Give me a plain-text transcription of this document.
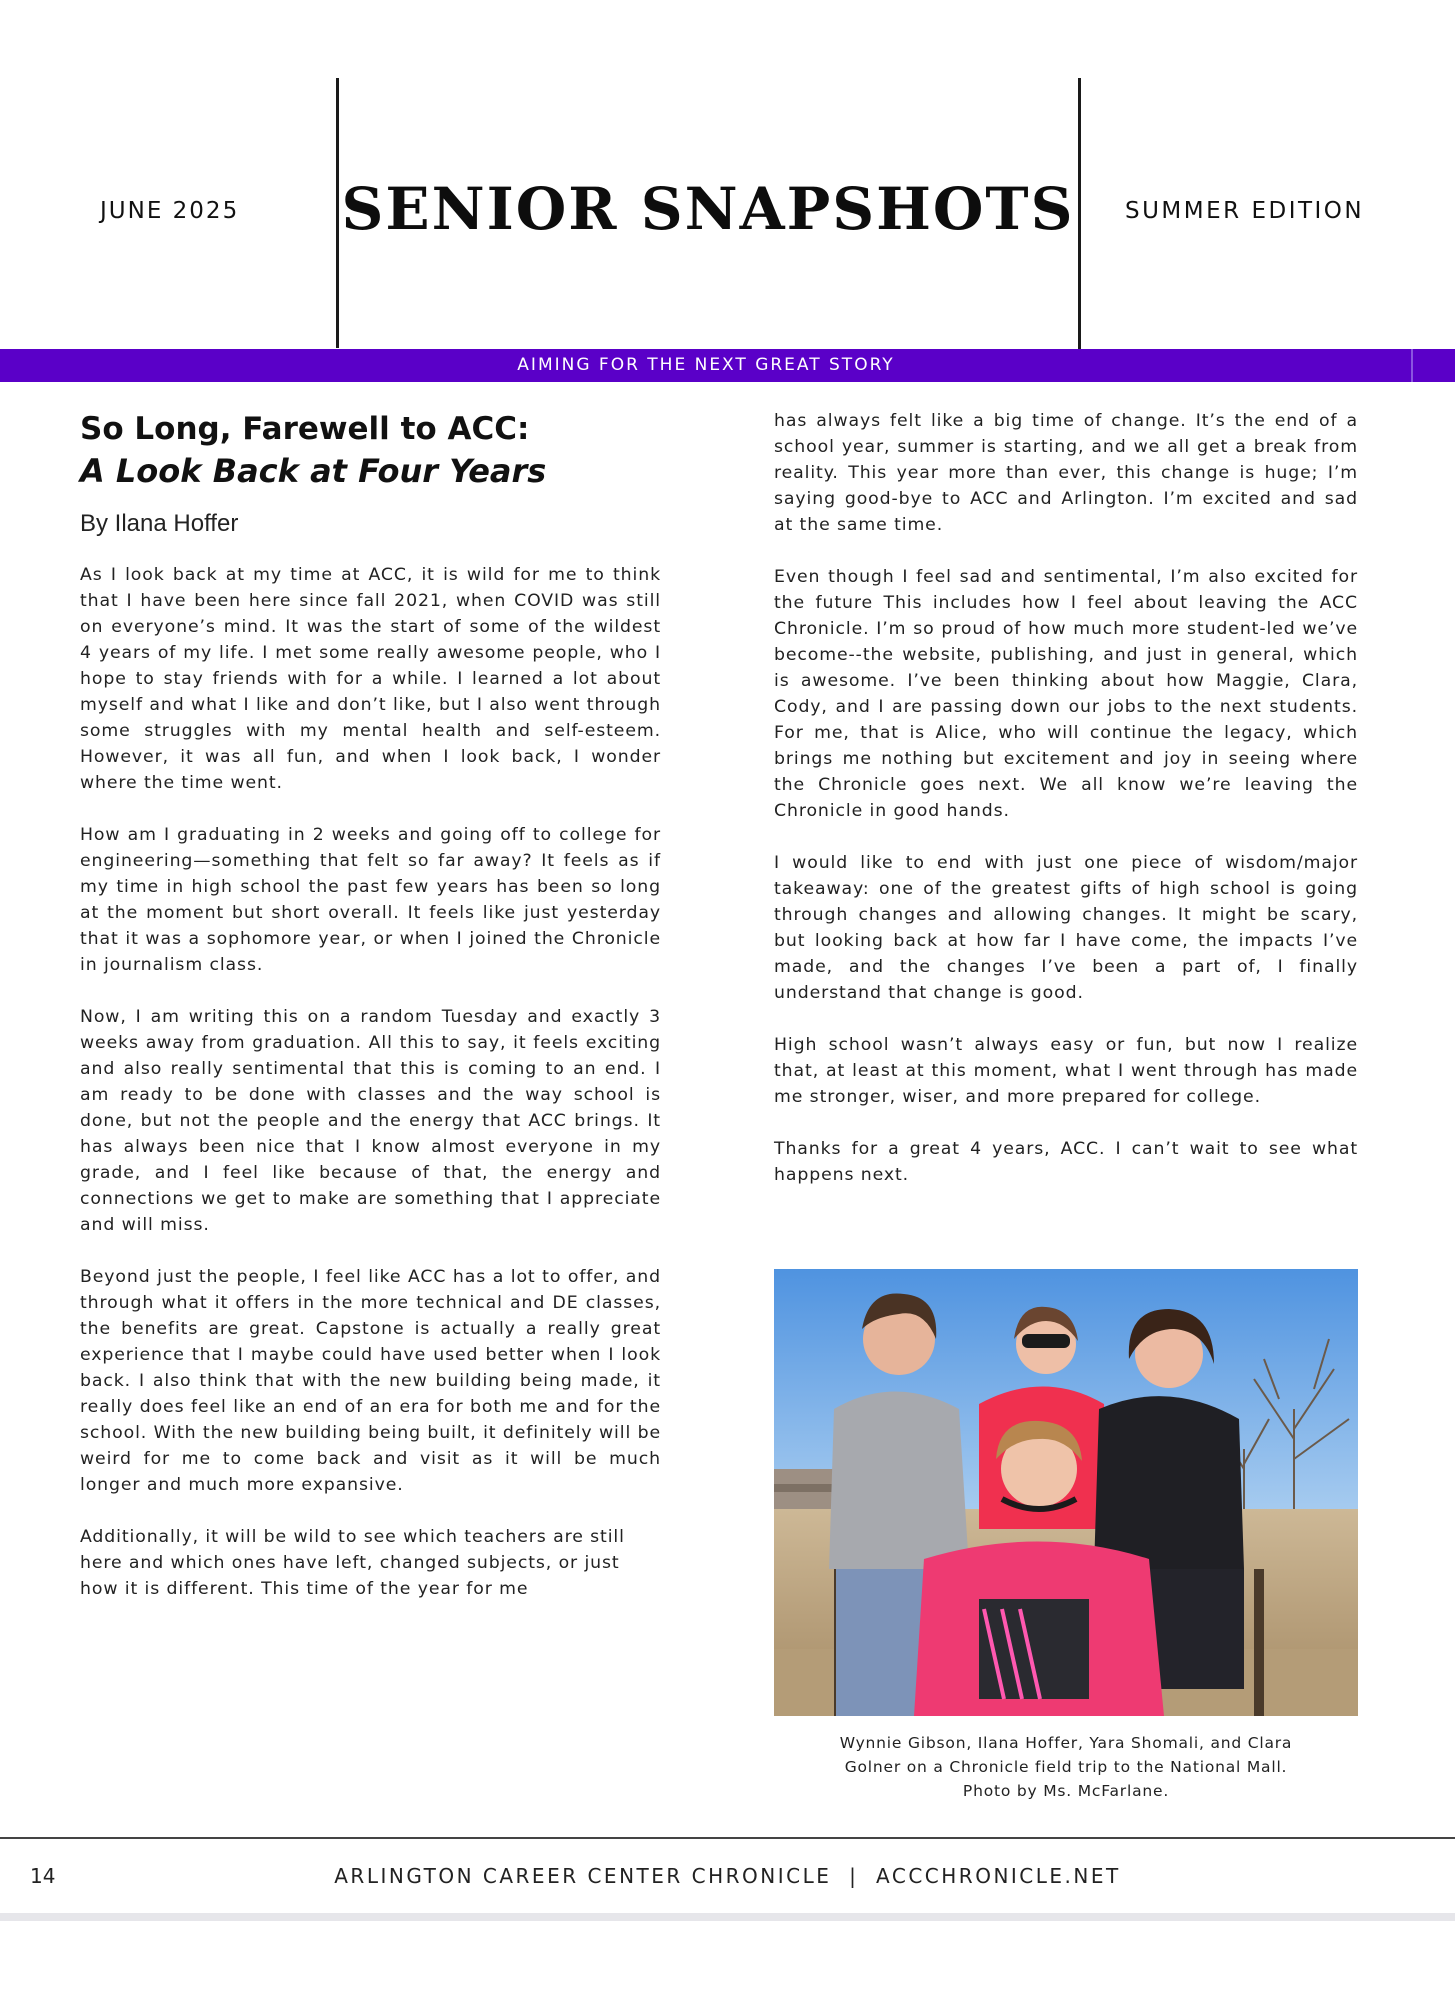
JUNE 2025	SENIOR SNAPSHOTS SUMMER EDITION
AIMING FOR THE NEXT GREAT STORY
So Long, Farewell to ACC:
A Look Back at Four Years
By Ilana Hoffer

As I look back at my time at ACC, it is wild for me to think that I have been here since fall 2021, when COVID was still on everyone’s mind. It was the start of some of the wildest 4 years of my life. I met some really awesome people, who I hope to stay friends with for a while. I learned a lot about myself and what I like and don’t like, but I also went through some struggles with my mental health and self-esteem. However, it was all fun, and when I look back, I wonder where the time went.

How am I graduating in 2 weeks and going off to college for engineering—something that felt so far away? It feels as if my time in high school the past few years has been so long at the moment but short overall. It feels like just yesterday that it was a sophomore year, or when I joined the Chronicle in journalism class.

Now, I am writing this on a random Tuesday and exactly 3 weeks away from graduation. All this to say, it feels exciting and also really sentimental that this is coming to an end. I am ready to be done with classes and the way school is done, but not the people and the energy that ACC brings. It has always been nice that I know almost everyone in my grade, and I feel like because of that, the energy and connections we get to make are something that I appreciate and will miss.

Beyond just the people, I feel like ACC has a lot to offer, and through what it offers in the more technical and DE classes, the benefits are great. Capstone is actually a really great experience that I maybe could have used better when I look back. I also think that with the new building being made, it really does feel like an end of an era for both me and for the school. With the new building being built, it definitely will be weird for me to come back and visit as it will be much longer and much more expansive.

Additionally, it will be wild to see which teachers are still here and which ones have left, changed subjects, or just how it is different. This time of the year for me

has always felt like a big time of change. It’s the end of a school year, summer is starting, and we all get a break from reality. This year more than ever, this change is huge; I’m saying good-bye to ACC and Arlington. I’m excited and sad at the same time.

Even though I feel sad and sentimental, I’m also excited for the future This includes how I feel about leaving the ACC Chronicle. I’m so proud of how much more student-led we’ve become--the website, publishing, and just in general, which is awesome. I’ve been thinking about how Maggie, Clara, Cody, and I are passing down our jobs to the next students. For me, that is Alice, who will continue the legacy, which brings me nothing but excitement and joy in seeing where the Chronicle goes next. We all know we’re leaving the Chronicle in good hands.

I would like to end with just one piece of wisdom/major takeaway: one of the greatest gifts of high school is going through changes and allowing changes. It might be scary, but looking back at how far I have come, the impacts I’ve made, and the changes I’ve been a part of, I finally understand that change is good.

High school wasn’t always easy or fun, but now I realize that, at least at this moment, what I went through has made me stronger, wiser, and more prepared for college.

Thanks for a great 4 years, ACC. I can’t wait to see what happens next.

Wynnie Gibson, Ilana Hoffer, Yara Shomali, and Clara
Golner on a Chronicle field trip to the National Mall.
Photo by Ms. McFarlane.
14	ARLINGTON CAREER CENTER CHRONICLE  |  ACCCHRONICLE.NET
